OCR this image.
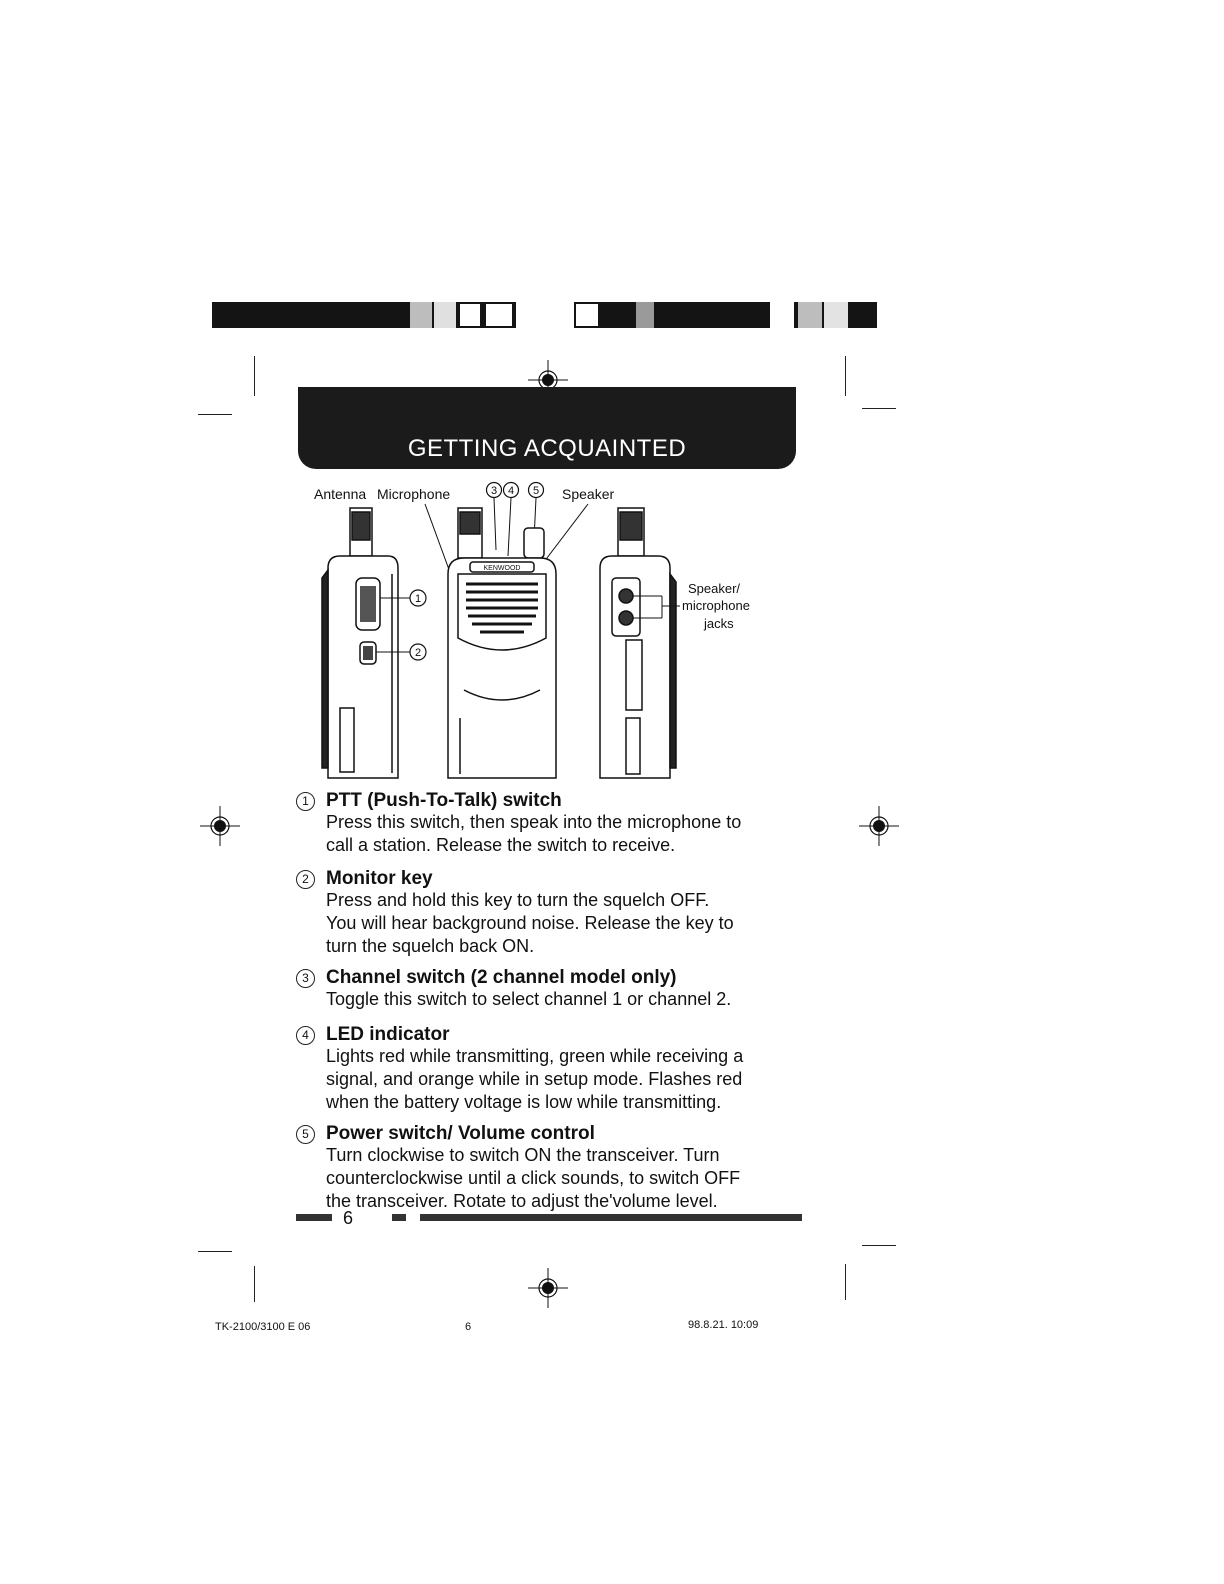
GETTING ACQUAINTED
Antenna Microphone	3 4 5 Speaker
1
2
KENWOOD
Speaker/
microphone
jacks
1 PTT (Push-To-Talk) switch
Press this switch, then speak into the microphone to
call a station. Release the switch to receive.
2 Monitor key
Press and hold this key to turn the squelch OFF.
You will hear background noise. Release the key to
turn the squelch back ON.
3 Channel switch (2 channel model only)
Toggle this switch to select channel 1 or channel 2.
4 LED indicator
Lights red while transmitting, green while receiving a
signal, and orange while in setup mode. Flashes red
when the battery voltage is low while transmitting.
5 Power switch/ Volume control
Turn clockwise to switch ON the transceiver. Turn
counterclockwise until a click sounds, to switch OFF
the transceiver. Rotate to adjust the'volume level.
6
TK-2100/3100 E 06	6	98.8.21. 10:09
